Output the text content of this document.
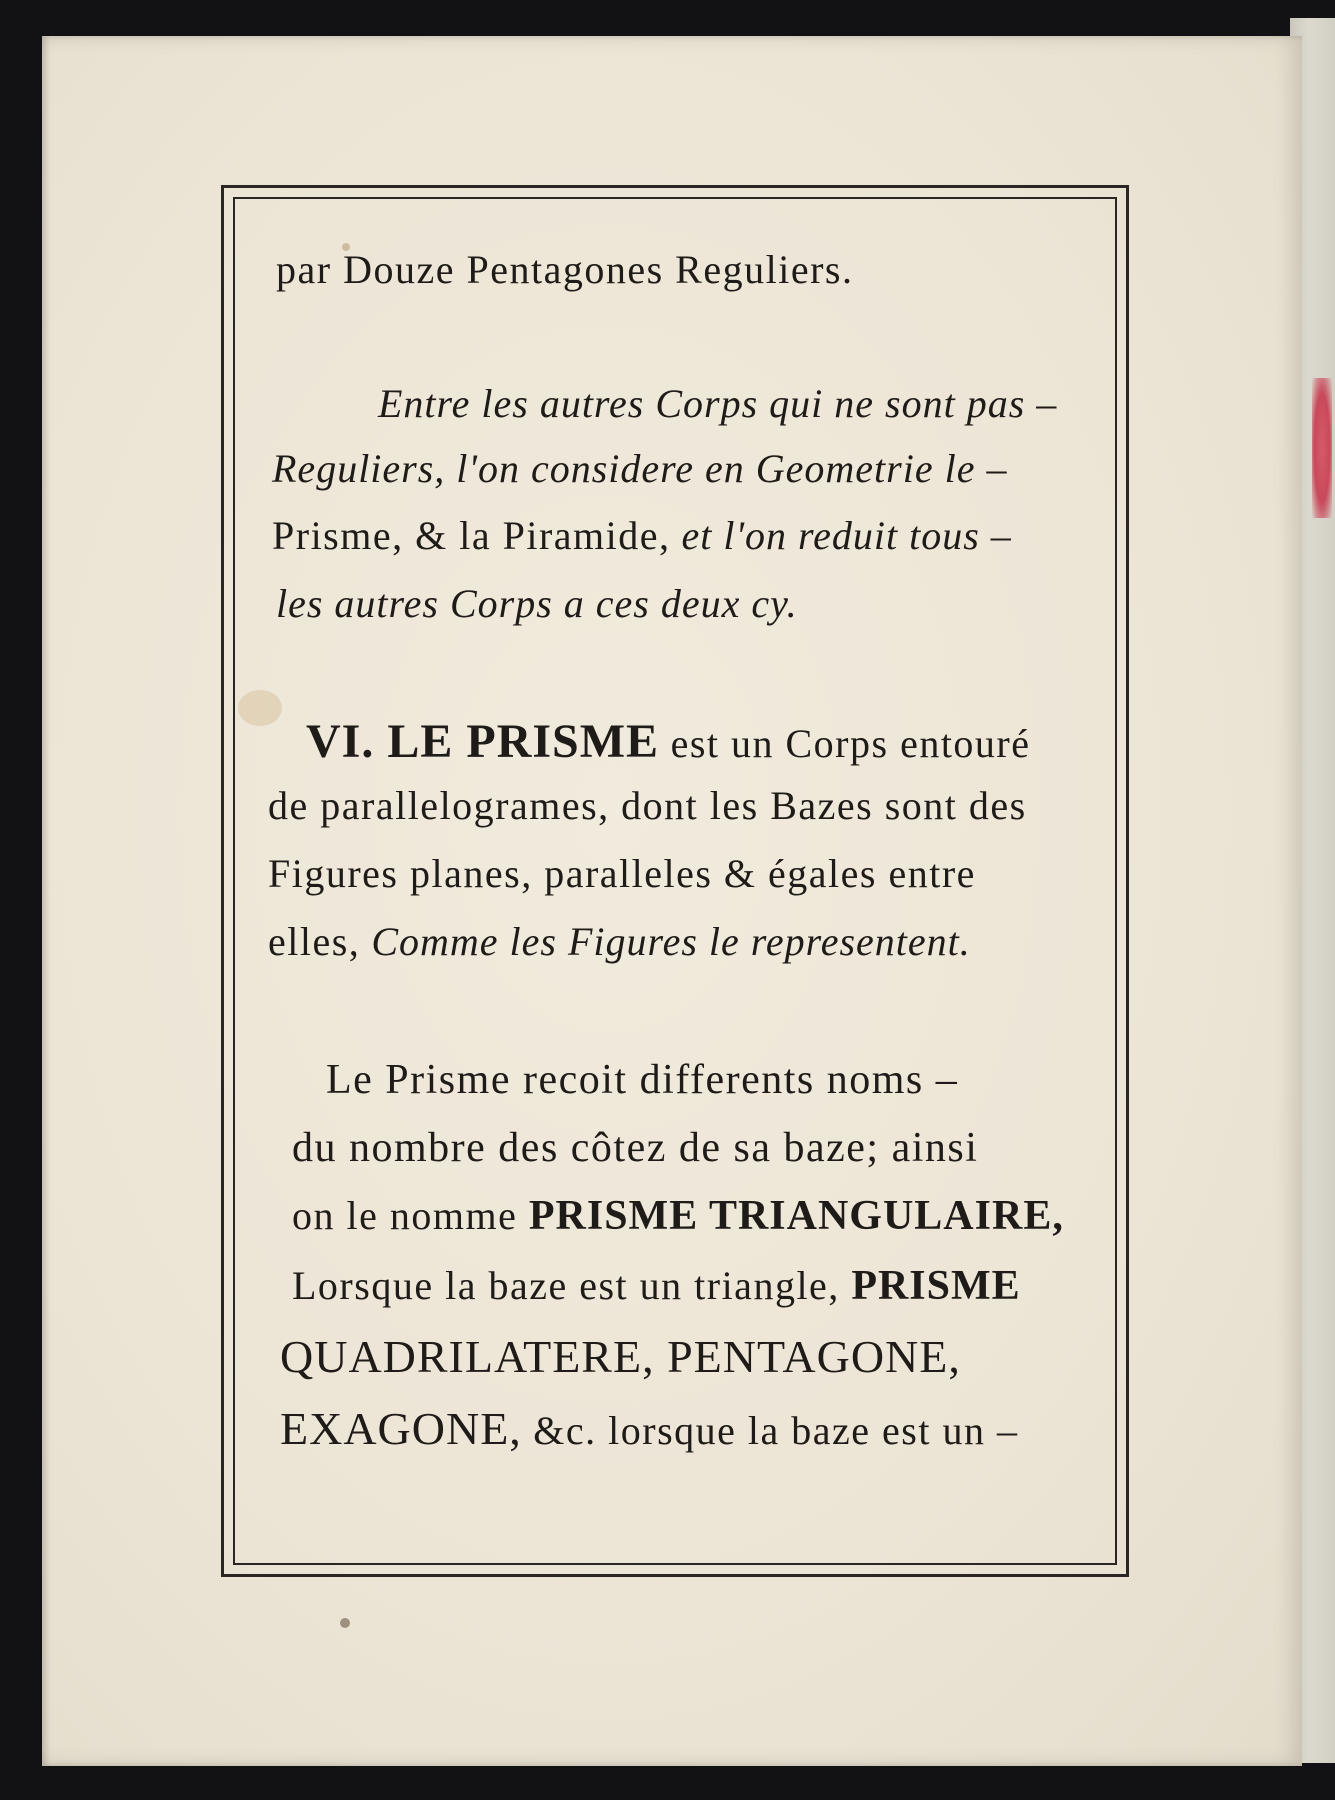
par Douze Pentagones Reguliers.
Entre les autres Corps qui ne sont pas –
Reguliers, l'on considere en Geometrie le –
Prisme, & la Piramide, et l'on reduit tous –
les autres Corps a ces deux cy.
VI. LE PRISME est un Corps entouré
de parallelogrames, dont les Bazes sont des
Figures planes, paralleles & égales entre
elles, Comme les Figures le representent.
Le Prisme recoit differents noms –
du nombre des côtez de sa baze; ainsi
on le nomme PRISME TRIANGULAIRE,
Lorsque la baze est un triangle, PRISME
QUADRILATERE, PENTAGONE,
EXAGONE, &c. lorsque la baze est un –
